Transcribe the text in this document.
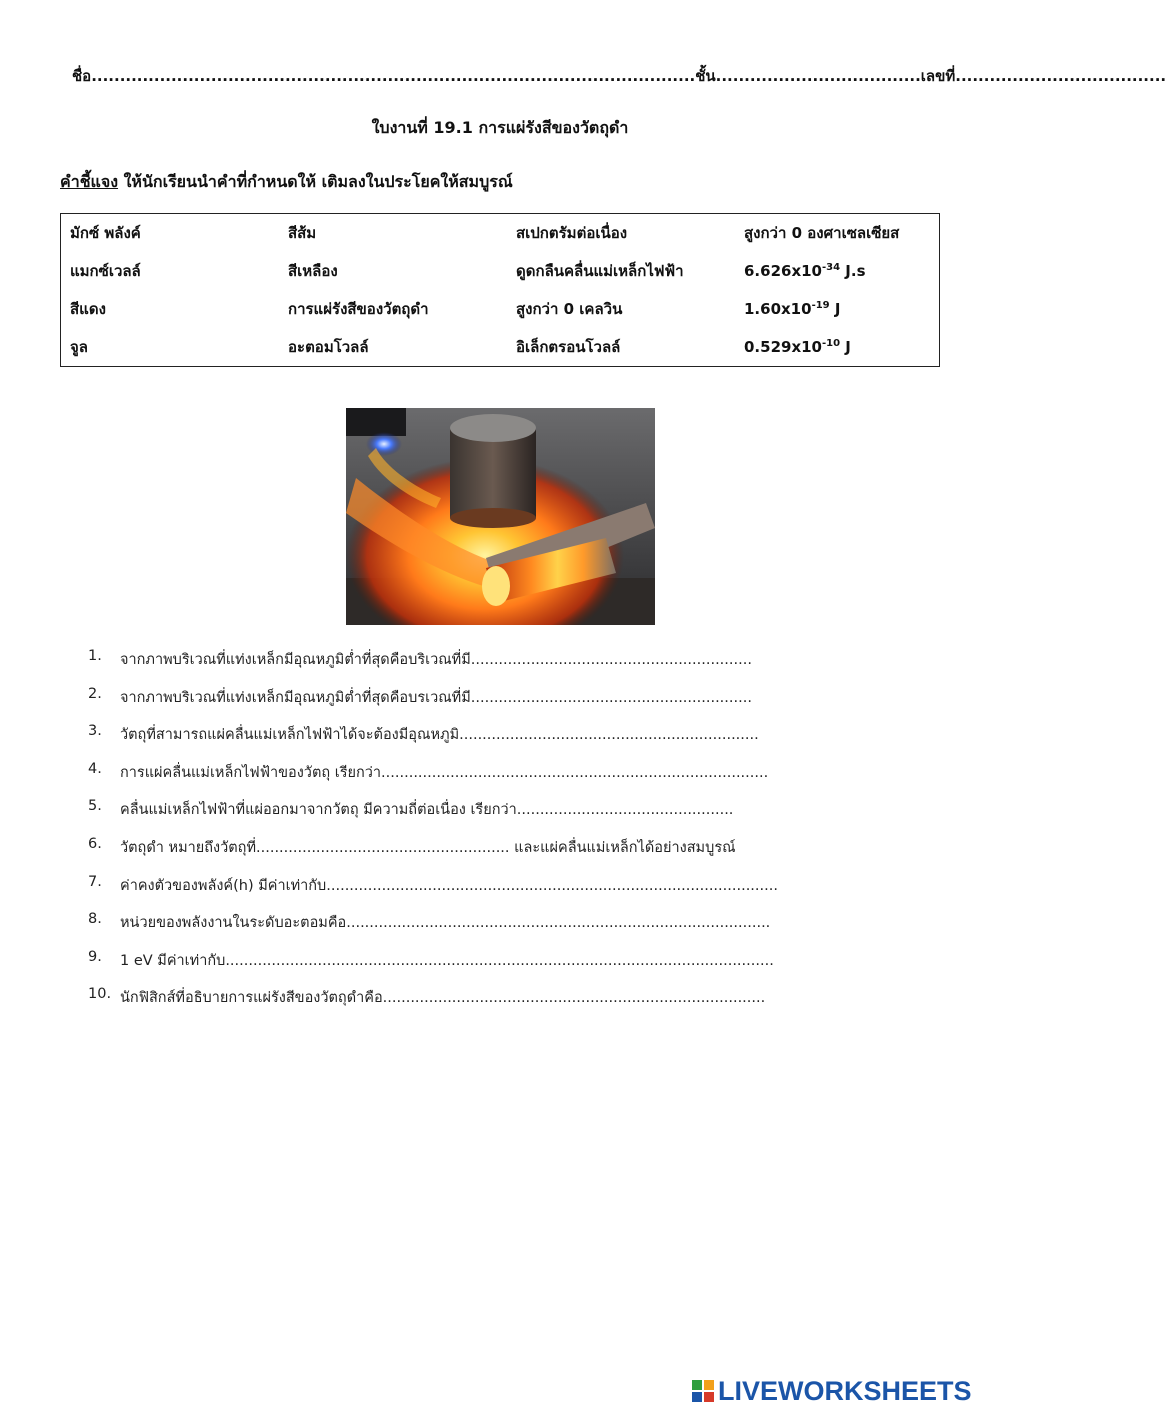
ชื่อ..........................................................................................................ชั้น....................................เลขที่.....................................
ใบงานที่ 19.1 การแผ่รังสีของวัตถุดำ
คำชี้แจง ให้นักเรียนนำคำที่กำหนดให้ เติมลงในประโยคให้สมบูรณ์
มักซ์ พลังค์	สีส้ม	สเปกตรัมต่อเนื่อง	สูงกว่า 0 องศาเซลเซียส
แมกซ์เวลล์	สีเหลือง	ดูดกลืนคลื่นแม่เหล็กไฟฟ้า	$6.626x10^{-34}$ J.s
สีแดง	การแผ่รังสีของวัตถุดำ	สูงกว่า 0 เคลวิน	$1.60x10^{-19}$ J
จูล	อะตอมโวลล์	อิเล็กตรอนโวลล์	$0.529x10^{-10}$ J
1.	จากภาพบริเวณที่แท่งเหล็กมีอุณหภูมิต่ำที่สุดคือบริเวณที่มี.............................................................
2.	จากภาพบริเวณที่แท่งเหล็กมีอุณหภูมิต่ำที่สุดคือบรเวณที่มี.............................................................
3.	วัตถุที่สามารถแผ่คลื่นแม่เหล็กไฟฟ้าได้จะต้องมีอุณหภูมิ.................................................................
4.	การแผ่คลื่นแม่เหล็กไฟฟ้าของวัตถุ เรียกว่า....................................................................................
5.	คลื่นแม่เหล็กไฟฟ้าที่แผ่ออกมาจากวัตถุ มีความถี่ต่อเนื่อง เรียกว่า...............................................
6.	วัตถุดำ หมายถึงวัตถุที่....................................................... และแผ่คลื่นแม่เหล็กได้อย่างสมบูรณ์
7.	ค่าคงตัวของพลังค์(h) มีค่าเท่ากับ..................................................................................................
8.	หน่วยของพลังงานในระดับอะตอมคือ............................................................................................
9.	1 eV มีค่าเท่ากับ.......................................................................................................................
10. นักฟิสิกส์ที่อธิบายการแผ่รังสีของวัตถุดำคือ...................................................................................
LIVEWORKSHEETS
